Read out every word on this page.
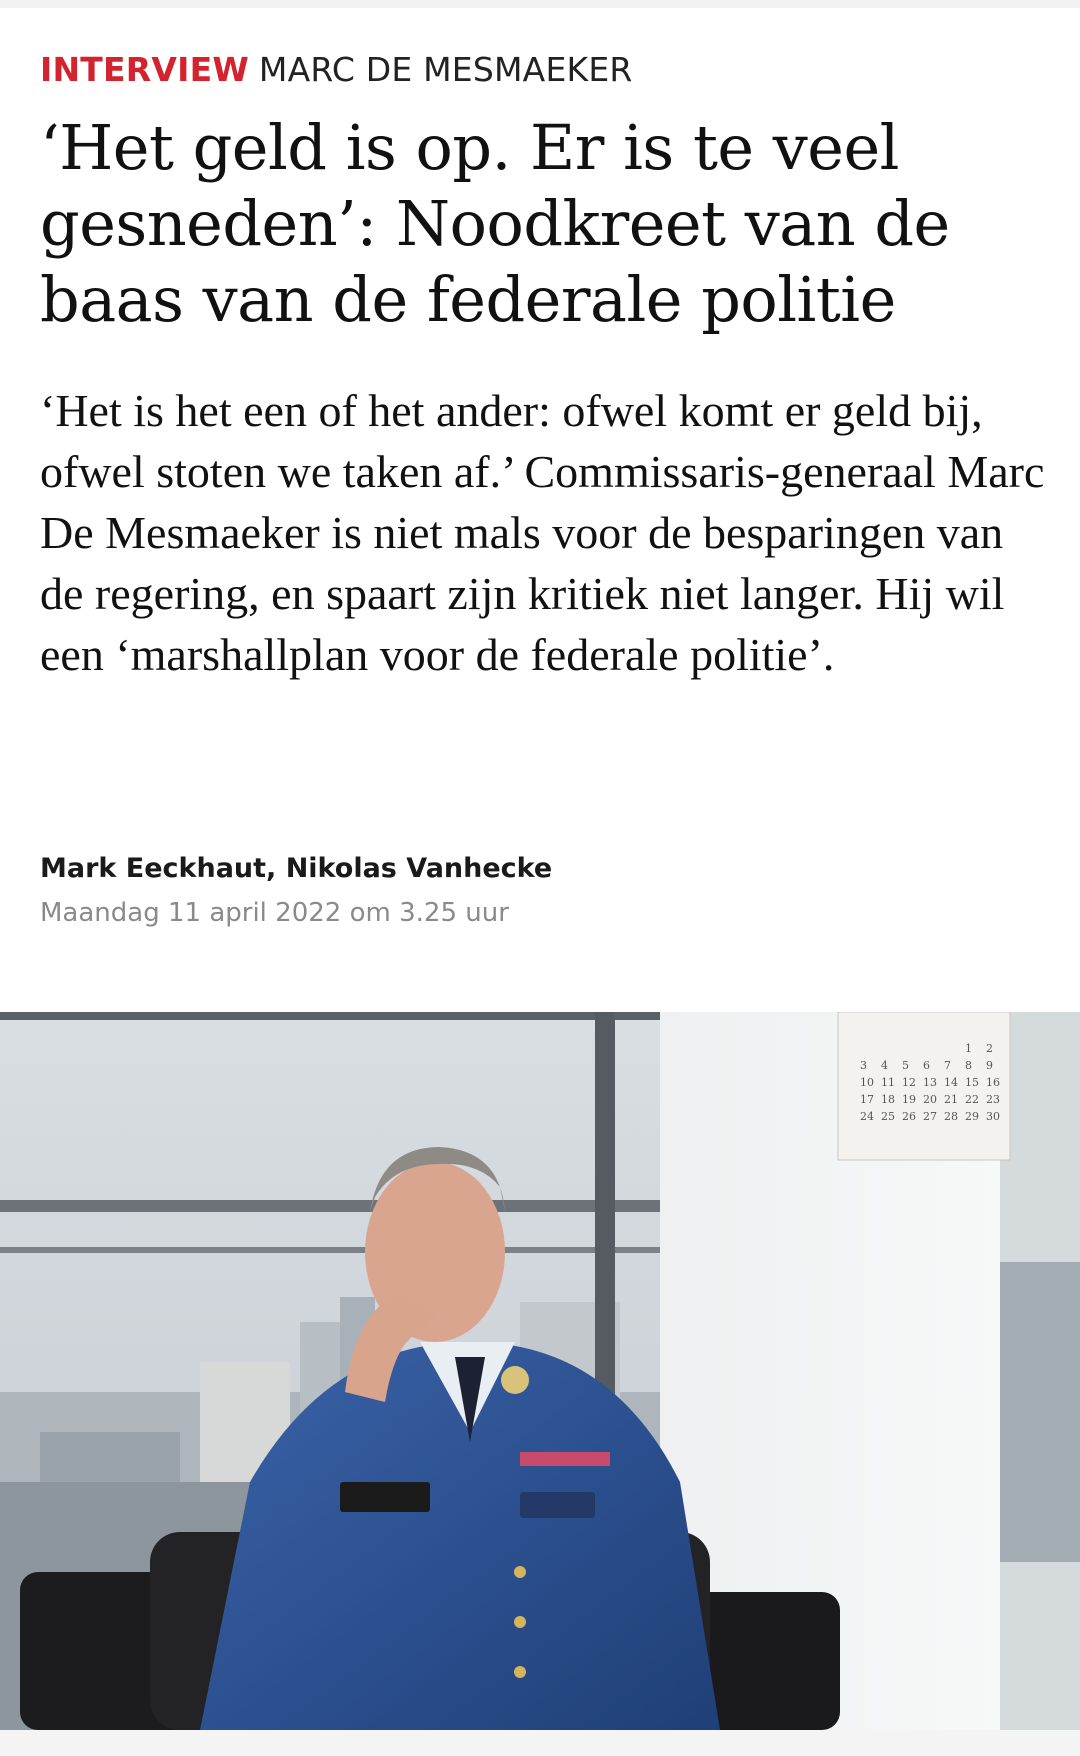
INTERVIEW MARC DE MESMAEKER
‘Het geld is op. Er is te veel gesneden’: Noodkreet van de baas van de federale politie

‘Het is het een of het ander: ofwel komt er geld bij, ofwel stoten we taken af.’ Commissaris-generaal Marc De Mesmaeker is niet mals voor de besparingen van de regering, en spaart zijn kritiek niet langer. Hij wil een ‘marshallplan voor de federale politie’.

Mark Eeckhaut, Nikolas Vanhecke
Maandag 11 april 2022 om 3.25 uur
1 2
3 4 5 6 7 8 9
10 11 12 13 14 15 16
17 18 19 20 21 22 23
24 25 26 27 28 29 30
